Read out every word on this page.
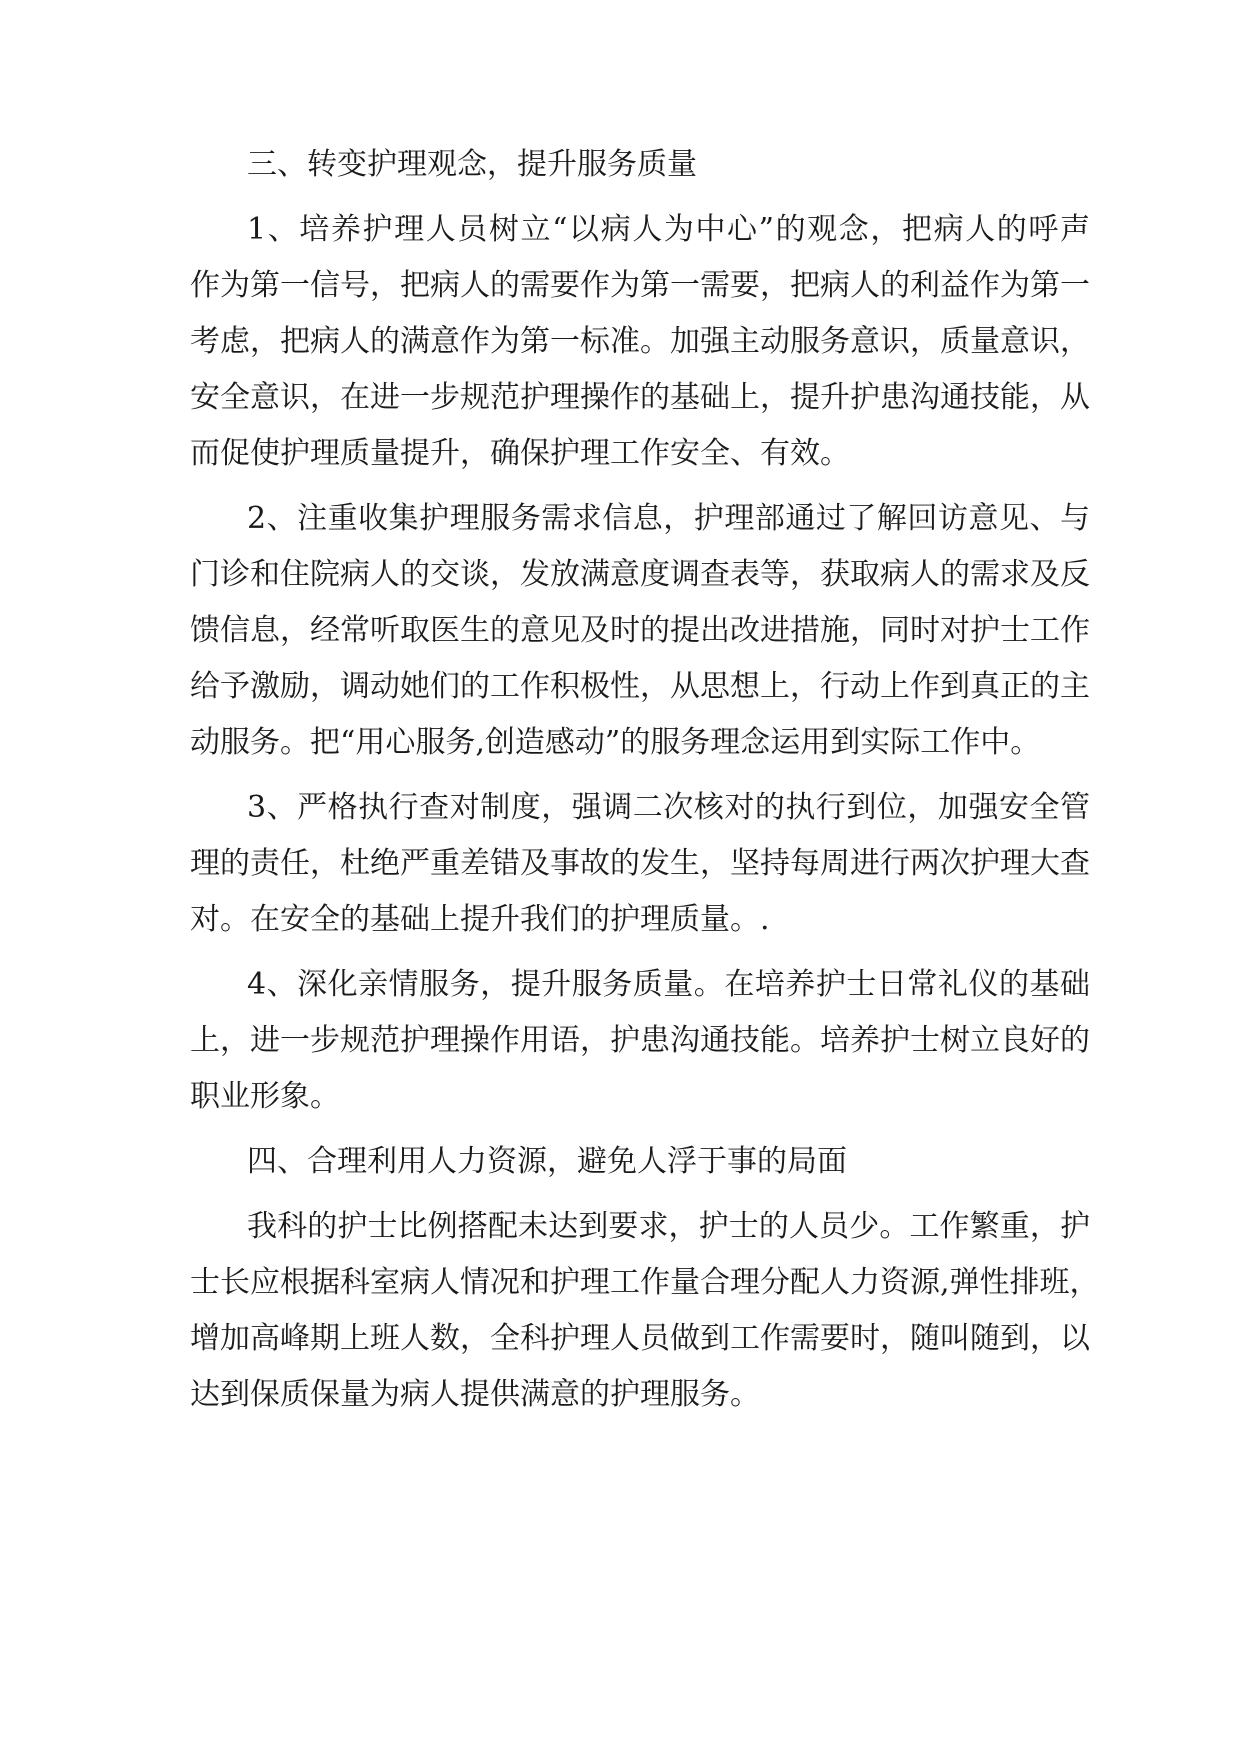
三、转变护理观念，提升服务质量
1、培养护理人员树立“以病人为中心”的观念，把病人的呼声
作为第一信号，把病人的需要作为第一需要，把病人的利益作为第一
考虑，把病人的满意作为第一标准。加强主动服务意识，质量意识，
安全意识，在进一步规范护理操作的基础上，提升护患沟通技能，从
而促使护理质量提升，确保护理工作安全、有效。
2、注重收集护理服务需求信息，护理部通过了解回访意见、与
门诊和住院病人的交谈，发放满意度调查表等，获取病人的需求及反
馈信息，经常听取医生的意见及时的提出改进措施，同时对护士工作
给予激励，调动她们的工作积极性，从思想上，行动上作到真正的主
动服务。把“用心服务,创造感动”的服务理念运用到实际工作中。
3、严格执行查对制度，强调二次核对的执行到位，加强安全管
理的责任，杜绝严重差错及事故的发生，坚持每周进行两次护理大查
对。在安全的基础上提升我们的护理质量。.
4、深化亲情服务，提升服务质量。在培养护士日常礼仪的基础
上，进一步规范护理操作用语，护患沟通技能。培养护士树立良好的
职业形象。
四、合理利用人力资源，避免人浮于事的局面
我科的护士比例搭配未达到要求，护士的人员少。工作繁重，护
士长应根据科室病人情况和护理工作量合理分配人力资源,弹性排班，
增加高峰期上班人数，全科护理人员做到工作需要时，随叫随到，以
达到保质保量为病人提供满意的护理服务。
